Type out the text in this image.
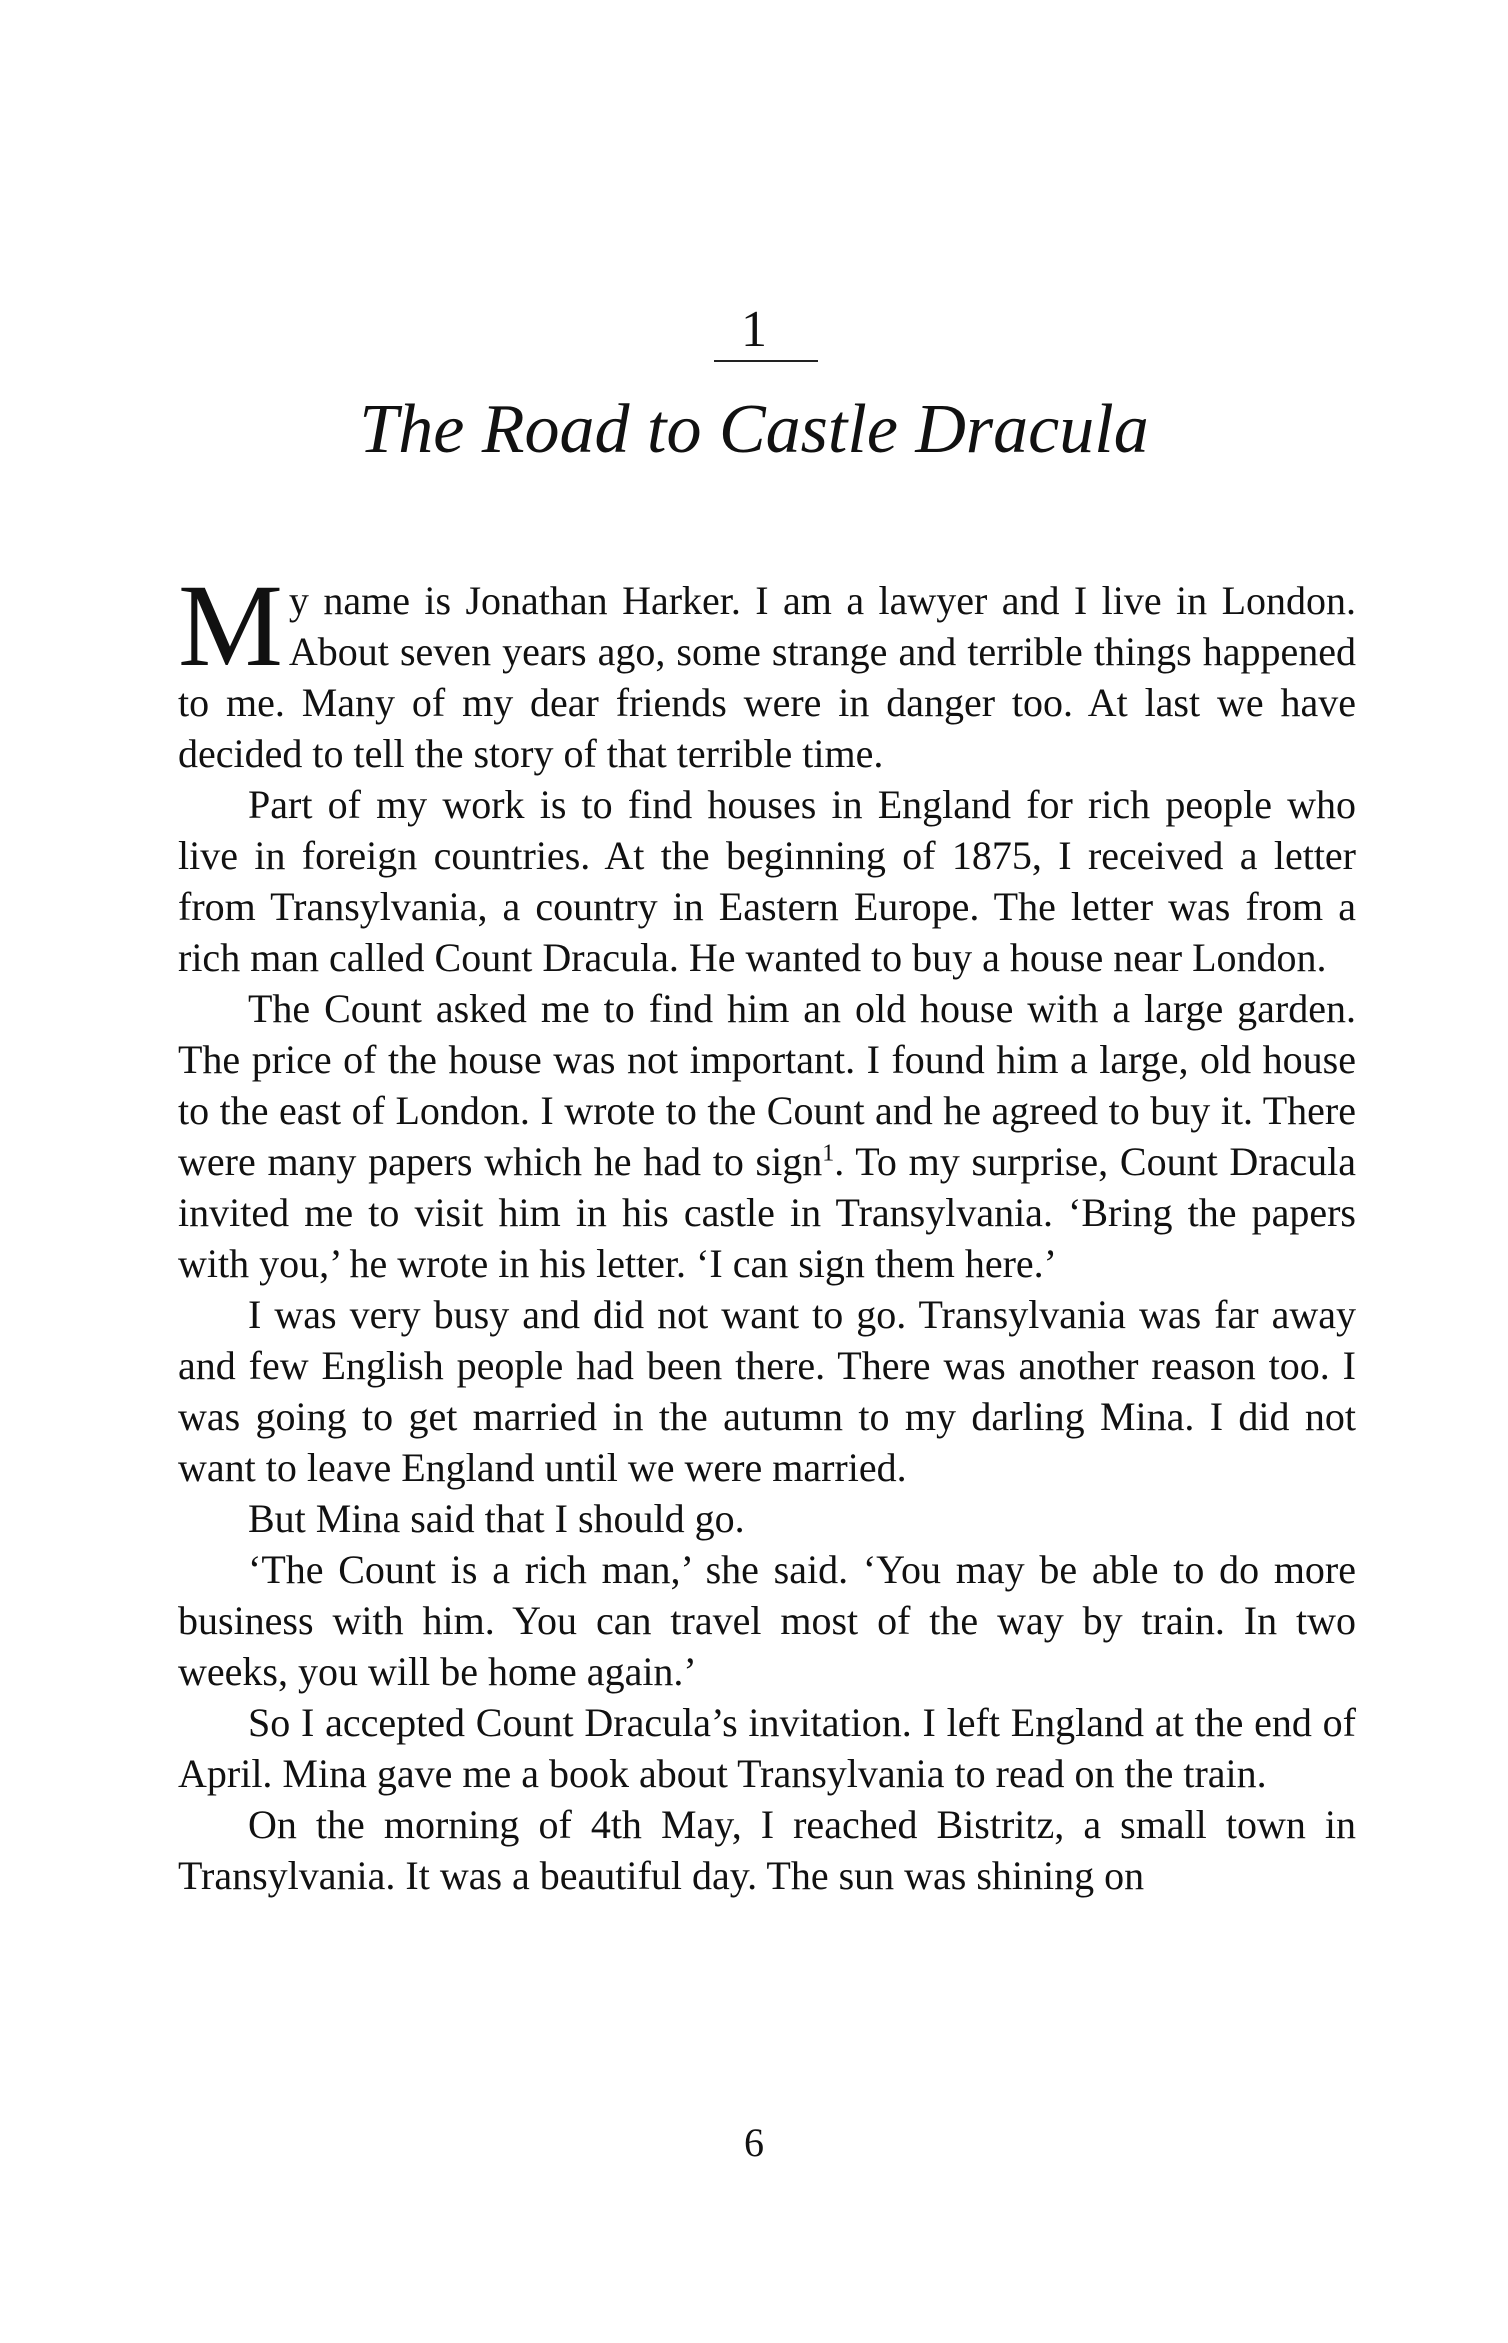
1
The Road to Castle Dracula

My name is Jonathan Harker. I am a lawyer and I live in London. About seven years ago, some strange and terrible things happened to me. Many of my dear friends were in danger too. At last we have decided to tell the story of that terrible time.

Part of my work is to find houses in England for rich people who live in foreign countries. At the beginning of 1875, I received a letter from Transylvania, a country in Eastern Europe. The letter was from a rich man called Count Dracula. He wanted to buy a house near London.

The Count asked me to find him an old house with a large garden. The price of the house was not important. I found him a large, old house to the east of London. I wrote to the Count and he agreed to buy it. There were many papers which he had to sign$^1$. To my surprise, Count Dracula invited me to visit him in his castle in Transylvania. ‘Bring the papers with you,’ he wrote in his letter. ‘I can sign them here.’

I was very busy and did not want to go. Transylvania was far away and few English people had been there. There was another reason too. I was going to get married in the autumn to my darling Mina. I did not want to leave England until we were married.

But Mina said that I should go.

‘The Count is a rich man,’ she said. ‘You may be able to do more business with him. You can travel most of the way by train. In two weeks, you will be home again.’

So I accepted Count Dracula’s invitation. I left England at the end of April. Mina gave me a book about Transylvania to read on the train.

On the morning of 4th May, I reached Bistritz, a small town in Transylvania. It was a beautiful day. The sun was shining on

6
